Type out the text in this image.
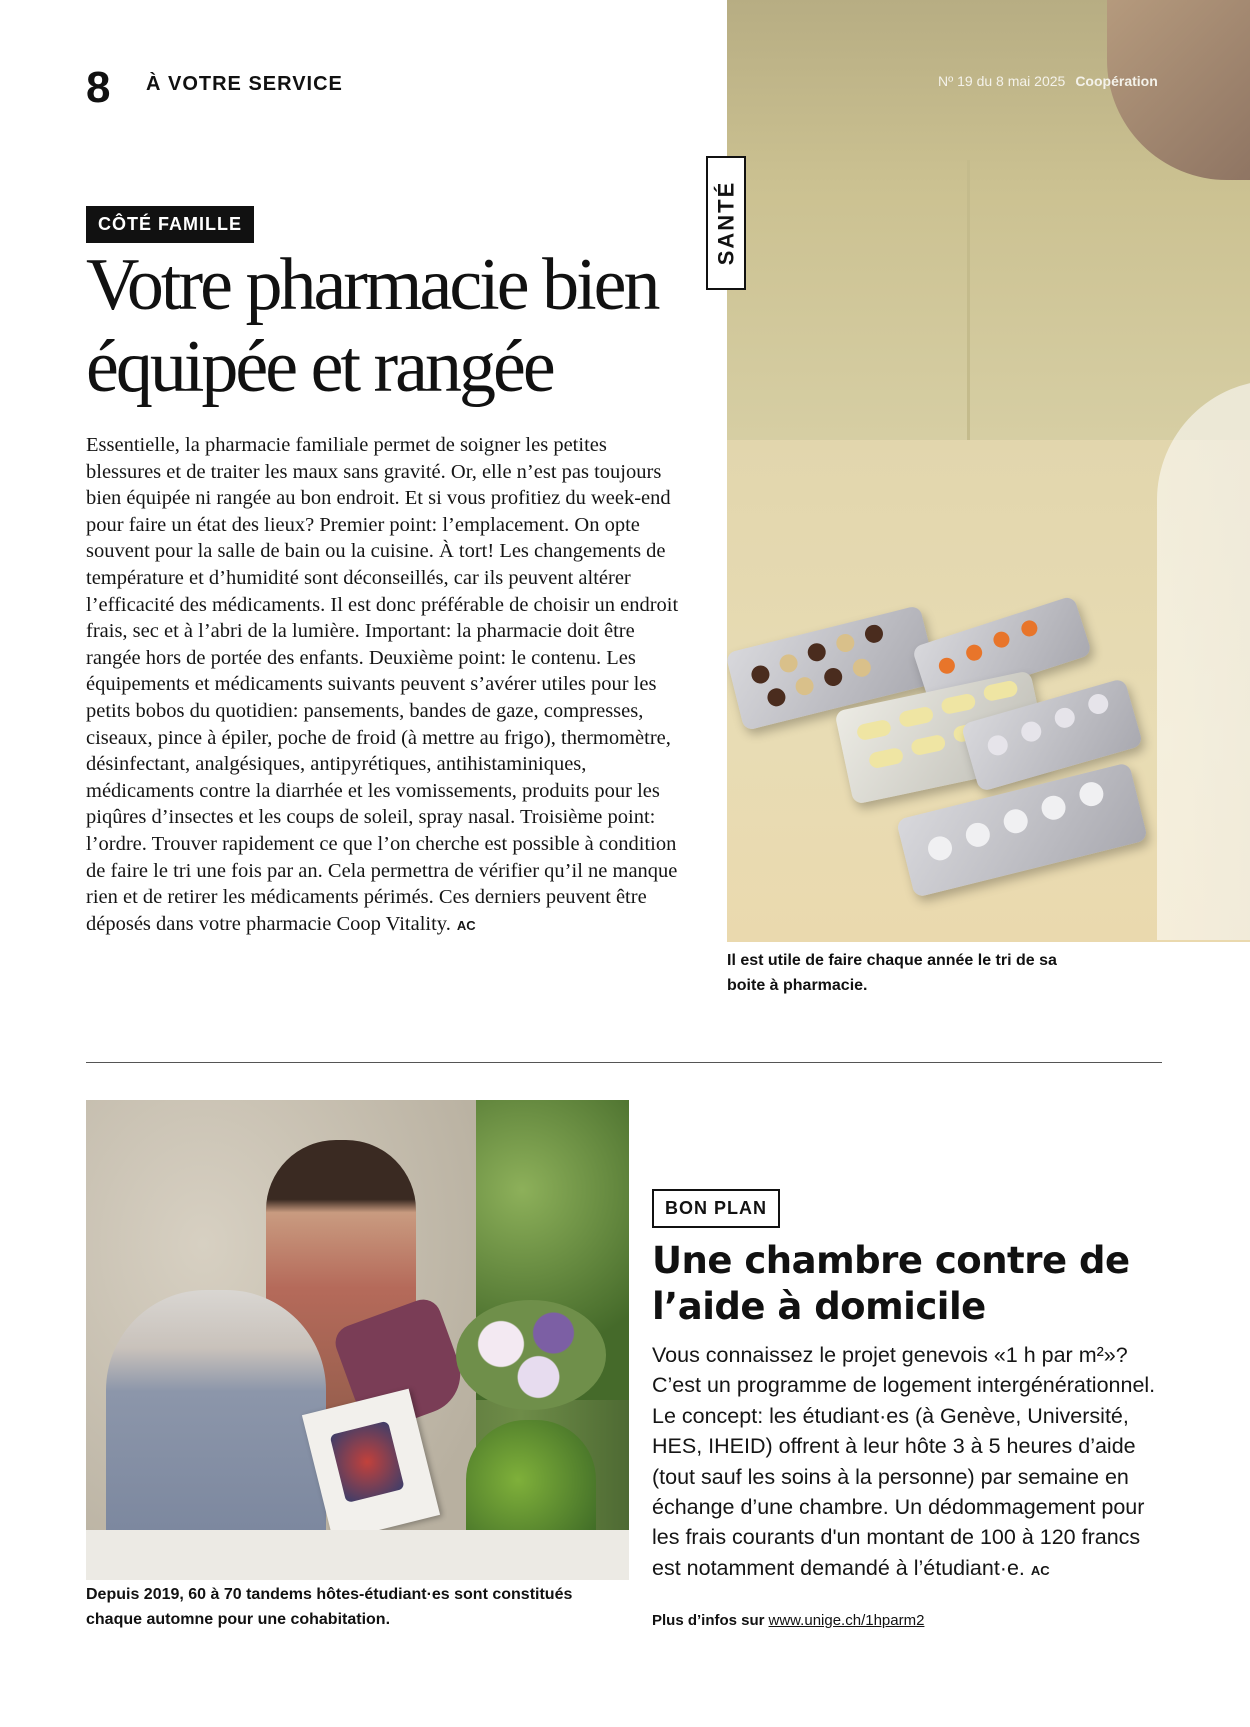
8 À VOTRE SERVICE	Nº 19 du 8 mai 2025 Coopération
CÔTÉ FAMILLE	SANTÉ
Votre pharmacie bien équipée et rangée

Essentielle, la pharmacie familiale permet de soigner les petites blessures et de traiter les maux sans gravité. Or, elle n’est pas toujours bien équipée ni rangée au bon endroit. Et si vous profitiez du week-end pour faire un état des lieux? Premier point: l’emplacement. On opte souvent pour la salle de bain ou la cuisine. À tort! Les changements de température et d’humidité sont déconseillés, car ils peuvent altérer l’efficacité des médicaments. Il est donc préférable de choisir un endroit frais, sec et à l’abri de la lumière. Important: la pharmacie doit être rangée hors de portée des enfants. Deuxième point: le contenu. Les équipements et médicaments suivants peuvent s’avérer utiles pour les petits bobos du quotidien: pansements, bandes de gaze, compresses, ciseaux, pince à épiler, poche de froid (à mettre au frigo), thermomètre, désinfectant, analgésiques, antipyrétiques, antihistaminiques, médicaments contre la diarrhée et les vomissements, produits pour les piqûres d’insectes et les coups de soleil, spray nasal. Troisième point: l’ordre. Trouver rapidement ce que l’on cherche est possible à condition de faire le tri une fois par an. Cela permettra de vérifier qu’il ne manque rien et de retirer les médicaments périmés. Ces derniers peuvent être déposés dans votre pharmacie Coop Vitality. AC

Il est utile de faire chaque année le tri de sa boite à pharmacie.
Depuis 2019, 60 à 70 tandems hôtes-étudiant·es sont constitués chaque automne pour une cohabitation.
BON PLAN
Une chambre contre de l’aide à domicile

Vous connaissez le projet genevois «1 h par m²»? C’est un programme de logement intergénérationnel. Le concept: les étudiant·es (à Genève, Université, HES, IHEID) offrent à leur hôte 3 à 5 heures d’aide (tout sauf les soins à la personne) par semaine en échange d’une chambre. Un dédommagement pour les frais courants d'un montant de 100 à 120 francs est notamment demandé à l’étudiant·e. AC

Plus d’infos sur www.unige.ch/1hparm2
